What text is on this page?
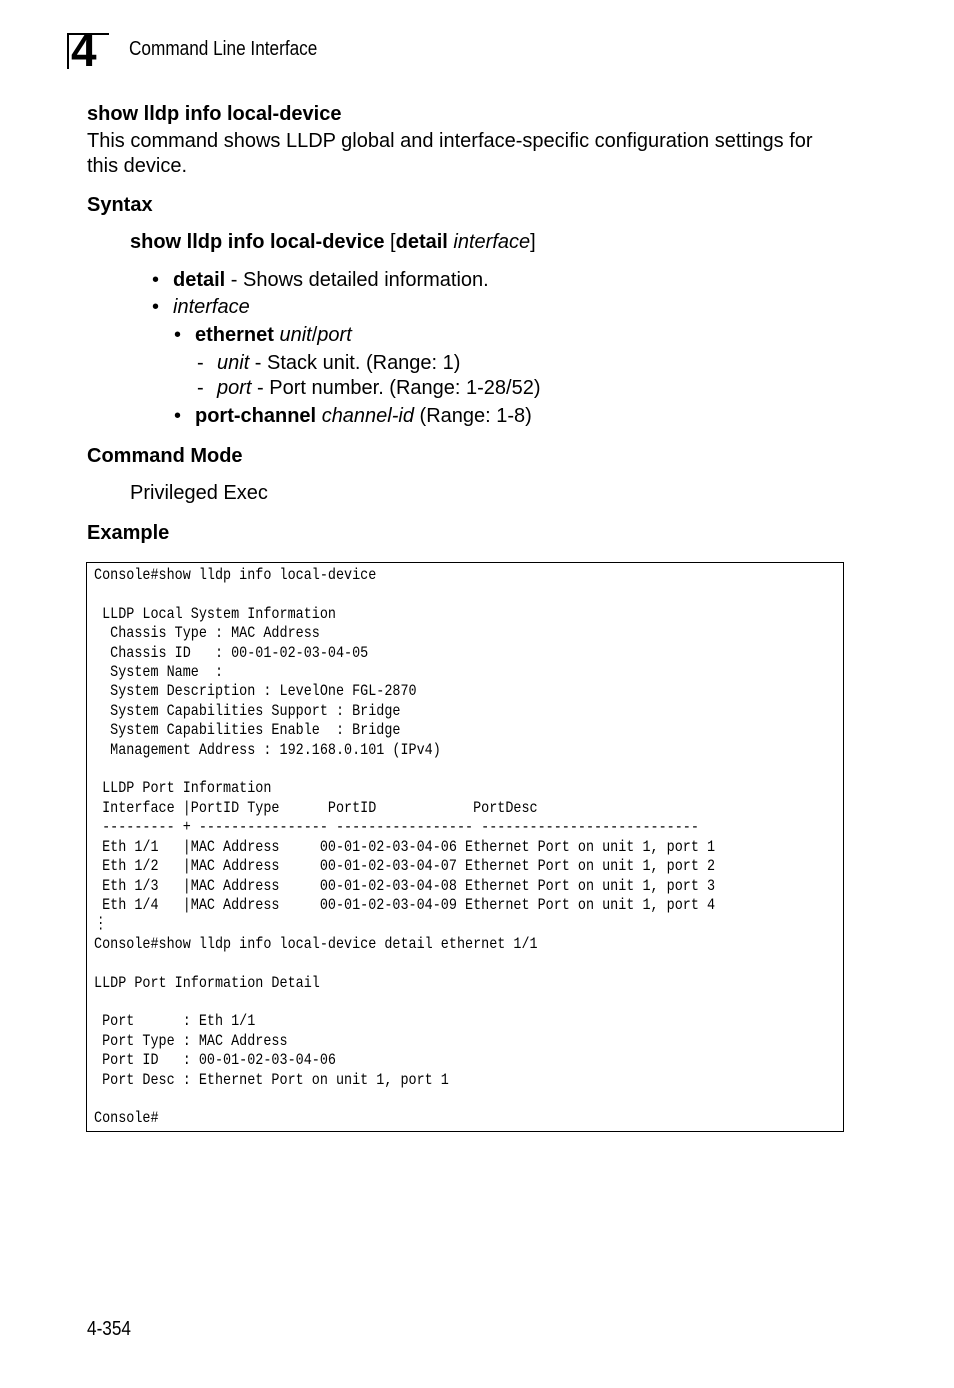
4 Command Line Interface
show lldp info local-device
This command shows LLDP global and interface-specific configuration settings for this device.
Syntax
show lldp info local-device [detail interface]
• detail - Shows detailed information.
• interface
• ethernet unit/port
- unit - Stack unit. (Range: 1)
- port - Port number. (Range: 1-28/52)
• port-channel channel-id (Range: 1-8)
Command Mode
Privileged Exec
Example
Console#show lldp info local-device

LLDP Local System Information
Chassis Type : MAC Address
Chassis ID   : 00-01-02-03-04-05
System Name  :
System Description : LevelOne FGL-2870
System Capabilities Support : Bridge
System Capabilities Enable  : Bridge
Management Address : 192.168.0.101 (IPv4)

LLDP Port Information
Interface |PortID Type      PortID            PortDesc
--------- + ---------------- ----------------- ---------------------------
Eth 1/1   |MAC Address     00-01-02-03-04-06 Ethernet Port on unit 1, port 1
Eth 1/2   |MAC Address     00-01-02-03-04-07 Ethernet Port on unit 1, port 2
Eth 1/3   |MAC Address     00-01-02-03-04-08 Ethernet Port on unit 1, port 3
Eth 1/4   |MAC Address     00-01-02-03-04-09 Ethernet Port on unit 1, port 4
⋮
Console#show lldp info local-device detail ethernet 1/1

LLDP Port Information Detail

Port      : Eth 1/1
Port Type : MAC Address
Port ID   : 00-01-02-03-04-06
Port Desc : Ethernet Port on unit 1, port 1

Console#
4-354
